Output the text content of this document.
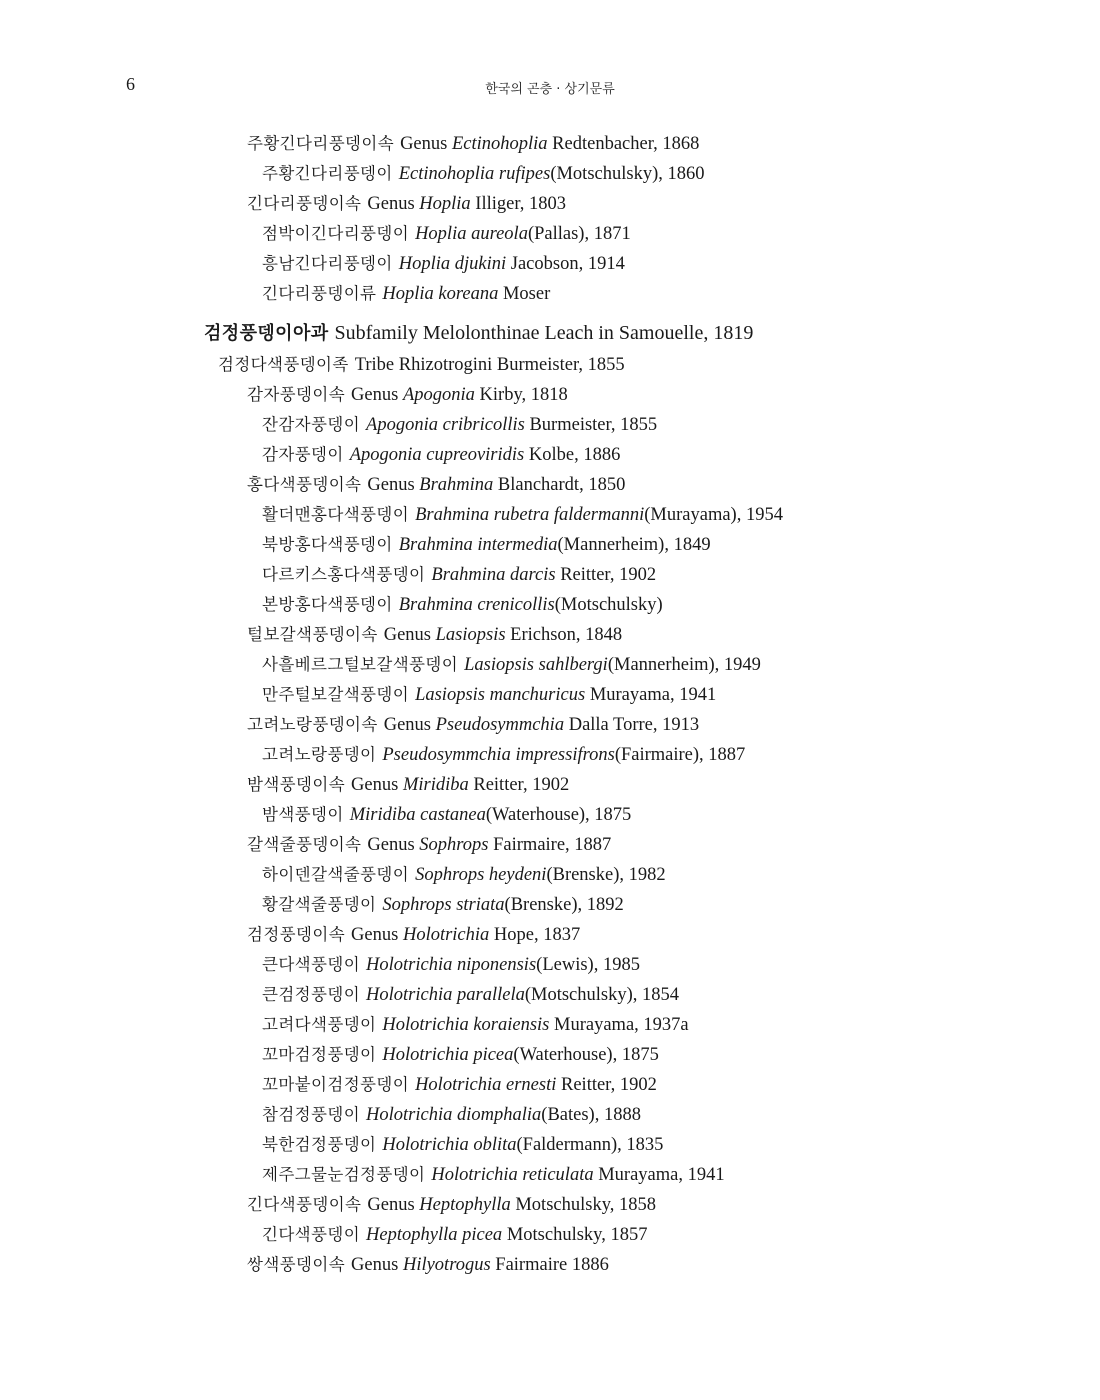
6	한국의 곤충 · 상기문류
주황긴다리풍뎅이속 Genus Ectinohoplia Redtenbacher, 1868
주황긴다리풍뎅이 Ectinohoplia rufipes(Motschulsky), 1860
긴다리풍뎅이속 Genus Hoplia Illiger, 1803
점박이긴다리풍뎅이 Hoplia aureola(Pallas), 1871
흥남긴다리풍뎅이 Hoplia djukini Jacobson, 1914
긴다리풍뎅이류 Hoplia koreana Moser
검정풍뎅이아과 Subfamily Melolonthinae Leach in Samouelle, 1819
검정다색풍뎅이족 Tribe Rhizotrogini Burmeister, 1855
감자풍뎅이속 Genus Apogonia Kirby, 1818
잔감자풍뎅이 Apogonia cribricollis Burmeister, 1855
감자풍뎅이 Apogonia cupreoviridis Kolbe, 1886
홍다색풍뎅이속 Genus Brahmina Blanchardt, 1850
활더맨홍다색풍뎅이 Brahmina rubetra faldermanni(Murayama), 1954
북방홍다색풍뎅이 Brahmina intermedia(Mannerheim), 1849
다르키스홍다색풍뎅이 Brahmina darcis Reitter, 1902
본방홍다색풍뎅이 Brahmina crenicollis(Motschulsky)
털보갈색풍뎅이속 Genus Lasiopsis Erichson, 1848
사흘베르그털보갈색풍뎅이 Lasiopsis sahlbergi(Mannerheim), 1949
만주털보갈색풍뎅이 Lasiopsis manchuricus Murayama, 1941
고려노랑풍뎅이속 Genus Pseudosymmchia Dalla Torre, 1913
고려노랑풍뎅이 Pseudosymmchia impressifrons(Fairmaire), 1887
밤색풍뎅이속 Genus Miridiba Reitter, 1902
밤색풍뎅이 Miridiba castanea(Waterhouse), 1875
갈색줄풍뎅이속 Genus Sophrops Fairmaire, 1887
하이덴갈색줄풍뎅이 Sophrops heydeni(Brenske), 1982
황갈색줄풍뎅이 Sophrops striata(Brenske), 1892
검정풍뎅이속 Genus Holotrichia Hope, 1837
큰다색풍뎅이 Holotrichia niponensis(Lewis), 1985
큰검정풍뎅이 Holotrichia parallela(Motschulsky), 1854
고려다색풍뎅이 Holotrichia koraiensis Murayama, 1937a
꼬마검정풍뎅이 Holotrichia picea(Waterhouse), 1875
꼬마붙이검정풍뎅이 Holotrichia ernesti Reitter, 1902
참검정풍뎅이 Holotrichia diomphalia(Bates), 1888
북한검정풍뎅이 Holotrichia oblita(Faldermann), 1835
제주그물눈검정풍뎅이 Holotrichia reticulata Murayama, 1941
긴다색풍뎅이속 Genus Heptophylla Motschulsky, 1858
긴다색풍뎅이 Heptophylla picea Motschulsky, 1857
쌍색풍뎅이속 Genus Hilyotrogus Fairmaire 1886
